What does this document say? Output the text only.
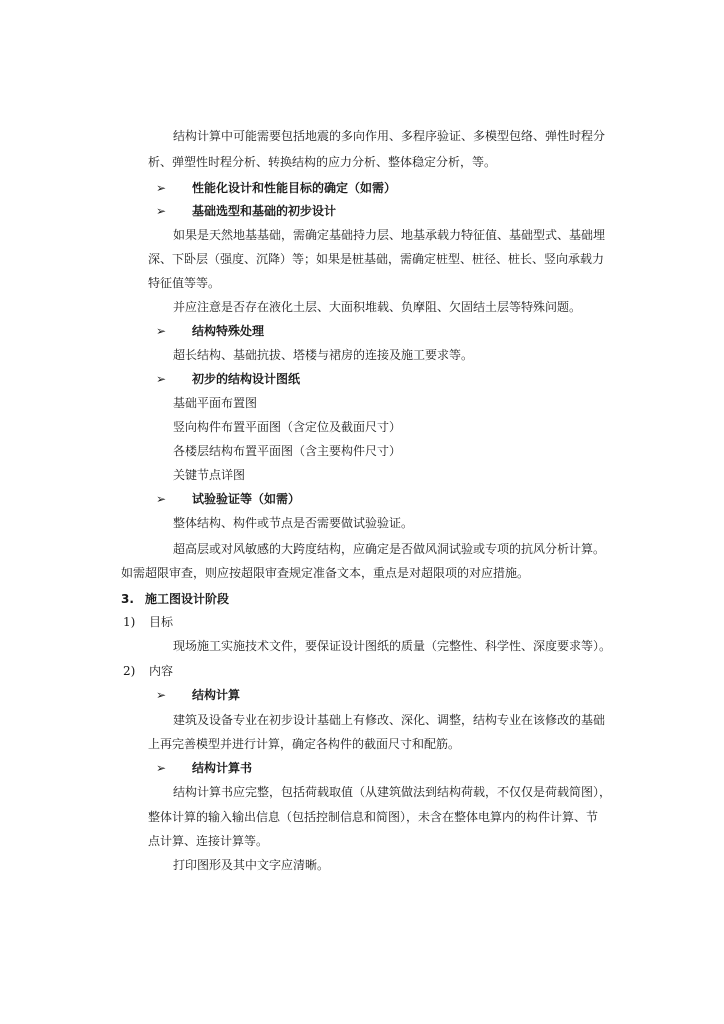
结构计算中可能需要包括地震的多向作用、多程序验证、多模型包络、弹性时程分
析、弹塑性时程分析、转换结构的应力分析、整体稳定分析，等。
➢ 性能化设计和性能目标的确定（如需）
➢ 基础选型和基础的初步设计
如果是天然地基基础，需确定基础持力层、地基承载力特征值、基础型式、基础埋
深、下卧层（强度、沉降）等；如果是桩基础，需确定桩型、桩径、桩长、竖向承载力
特征值等等。
并应注意是否存在液化土层、大面积堆载、负摩阻、欠固结土层等特殊问题。
➢ 结构特殊处理
超长结构、基础抗拔、塔楼与裙房的连接及施工要求等。
➢ 初步的结构设计图纸
基础平面布置图
竖向构件布置平面图（含定位及截面尺寸）
各楼层结构布置平面图（含主要构件尺寸）
关键节点详图
➢ 试验验证等（如需）
整体结构、构件或节点是否需要做试验验证。
超高层或对风敏感的大跨度结构，应确定是否做风洞试验或专项的抗风分析计算。
如需超限审查，则应按超限审查规定准备文本，重点是对超限项的对应措施。
3. 施工图设计阶段
1) 目标
现场施工实施技术文件，要保证设计图纸的质量（完整性、科学性、深度要求等）。
2) 内容
➢ 结构计算
建筑及设备专业在初步设计基础上有修改、深化、调整，结构专业在该修改的基础
上再完善模型并进行计算，确定各构件的截面尺寸和配筋。
➢ 结构计算书
结构计算书应完整，包括荷载取值（从建筑做法到结构荷载，不仅仅是荷载简图），
整体计算的输入输出信息（包括控制信息和简图），未含在整体电算内的构件计算、节
点计算、连接计算等。
打印图形及其中文字应清晰。
